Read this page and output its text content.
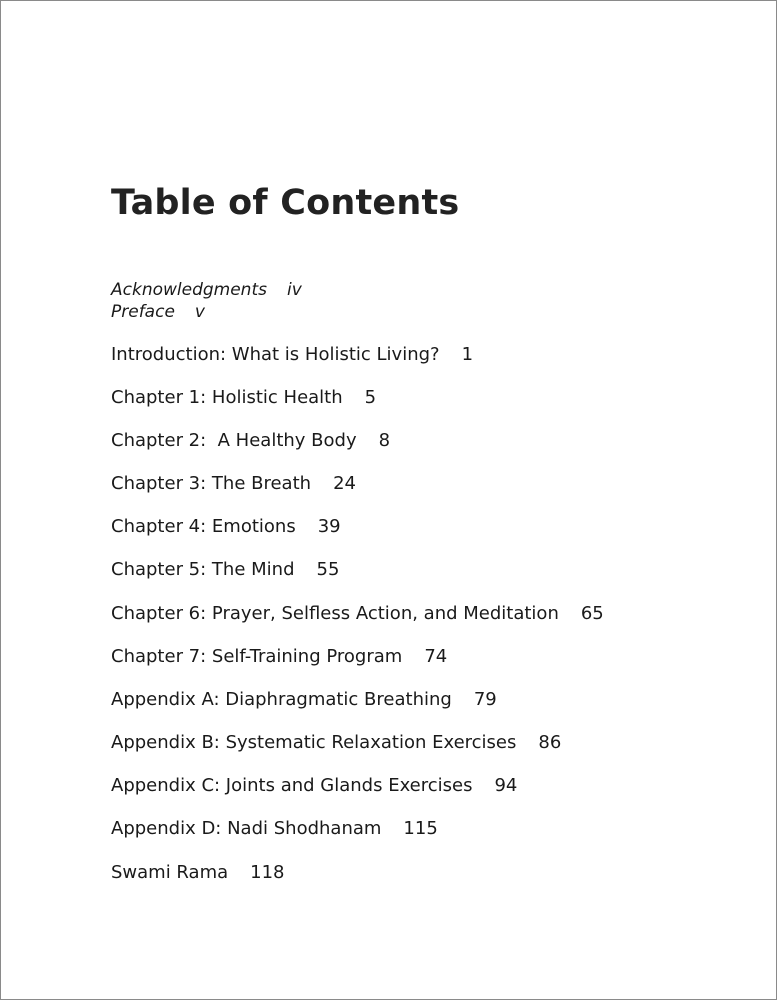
Table of Contents
Acknowledgments iv
Preface v
Introduction: What is Holistic Living? 1
Chapter 1: Holistic Health 5
Chapter 2:  A Healthy Body 8
Chapter 3: The Breath 24
Chapter 4: Emotions 39
Chapter 5: The Mind 55
Chapter 6: Prayer, Selfless Action, and Meditation 65
Chapter 7: Self-Training Program 74
Appendix A: Diaphragmatic Breathing 79
Appendix B: Systematic Relaxation Exercises 86
Appendix C: Joints and Glands Exercises 94
Appendix D: Nadi Shodhanam 115
Swami Rama 118
